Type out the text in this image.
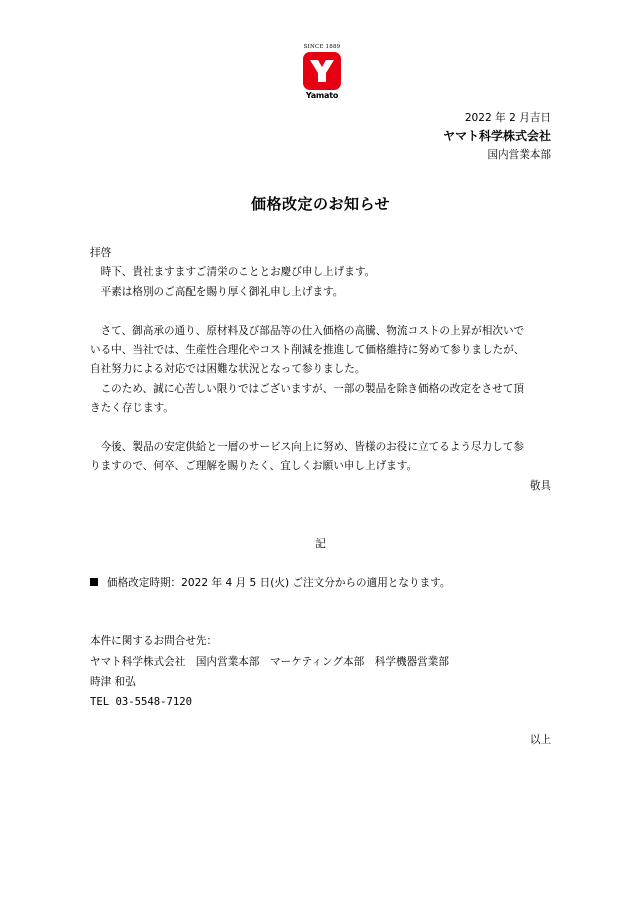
SINCE 1889
Yamato
2022 年 2 月吉日
ヤマト科学株式会社
国内営業本部
価格改定のお知らせ
拝啓
　時下、貴社ますますご清栄のこととお慶び申し上げます。
　平素は格別のご高配を賜り厚く御礼申し上げます。
　さて、御高承の通り、原材料及び部品等の仕入価格の高騰、物流コストの上昇が相次いで
いる中、当社では、生産性合理化やコスト削減を推進して価格維持に努めて参りましたが、
自社努力による対応では困難な状況となって参りました。
　このため、誠に心苦しい限りではございますが、一部の製品を除き価格の改定をさせて頂
きたく存じます。
　今後、製品の安定供給と一層のサービス向上に努め、皆様のお役に立てるよう尽力して参
りますので、何卒、ご理解を賜りたく、宜しくお願い申し上げます。
敬具
記
価格改定時期：2022 年 4 月 5 日(火) ご注文分からの適用となります。
本件に関するお問合せ先：
ヤマト科学株式会社　国内営業本部　マーケティング本部　科学機器営業部
時津 和弘
TEL 03-5548-7120
以上
